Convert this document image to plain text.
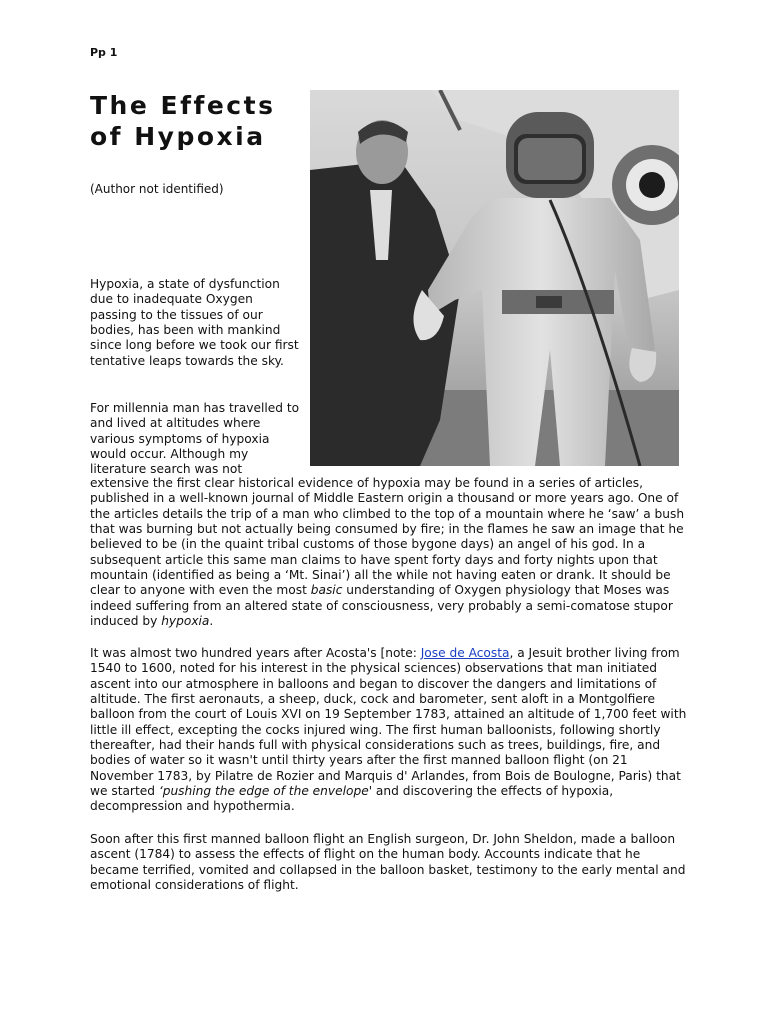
Pp 1
The Effects of Hypoxia
(Author not identified)

Hypoxia, a state of dysfunction due to inadequate Oxygen passing to the tissues of our bodies, has been with mankind since long before we took our first tentative leaps towards the sky.

For millennia man has travelled to and lived at altitudes where various symptoms of hypoxia would occur. Although my literature search was not

extensive the first clear historical evidence of hypoxia may be found in a series of articles, published in a well-known journal of Middle Eastern origin a thousand or more years ago. One of the articles details the trip of a man who climbed to the top of a mountain where he ‘saw’ a bush that was burning but not actually being consumed by fire; in the flames he saw an image that he believed to be (in the quaint tribal customs of those bygone days) an angel of his god. In a subsequent article this same man claims to have spent forty days and forty nights upon that mountain (identified as being a ‘Mt. Sinai’) all the while not having eaten or drank. It should be clear to anyone with even the most basic understanding of Oxygen physiology that Moses was indeed suffering from an altered state of consciousness, very probably a semi-comatose stupor induced by hypoxia.

It was almost two hundred years after Acosta's [note: Jose de Acosta, a Jesuit brother living from 1540 to 1600, noted for his interest in the physical sciences) observations that man initiated ascent into our atmosphere in balloons and began to discover the dangers and limitations of altitude. The first aeronauts, a sheep, duck, cock and barometer, sent aloft in a Montgolfiere balloon from the court of Louis XVI on 19 September 1783, attained an altitude of 1,700 feet with little ill effect, excepting the cocks injured wing. The first human balloonists, following shortly thereafter, had their hands full with physical considerations such as trees, buildings, fire, and bodies of water so it wasn't until thirty years after the first manned balloon flight (on 21 November 1783, by Pilatre de Rozier and Marquis d' Arlandes, from Bois de Boulogne, Paris) that we started ‘pushing the edge of the envelope' and discovering the effects of hypoxia, decompression and hypothermia.

Soon after this first manned balloon flight an English surgeon, Dr. John Sheldon, made a balloon ascent (1784) to assess the effects of flight on the human body. Accounts indicate that he became terrified, vomited and collapsed in the balloon basket, testimony to the early mental and emotional considerations of flight.
